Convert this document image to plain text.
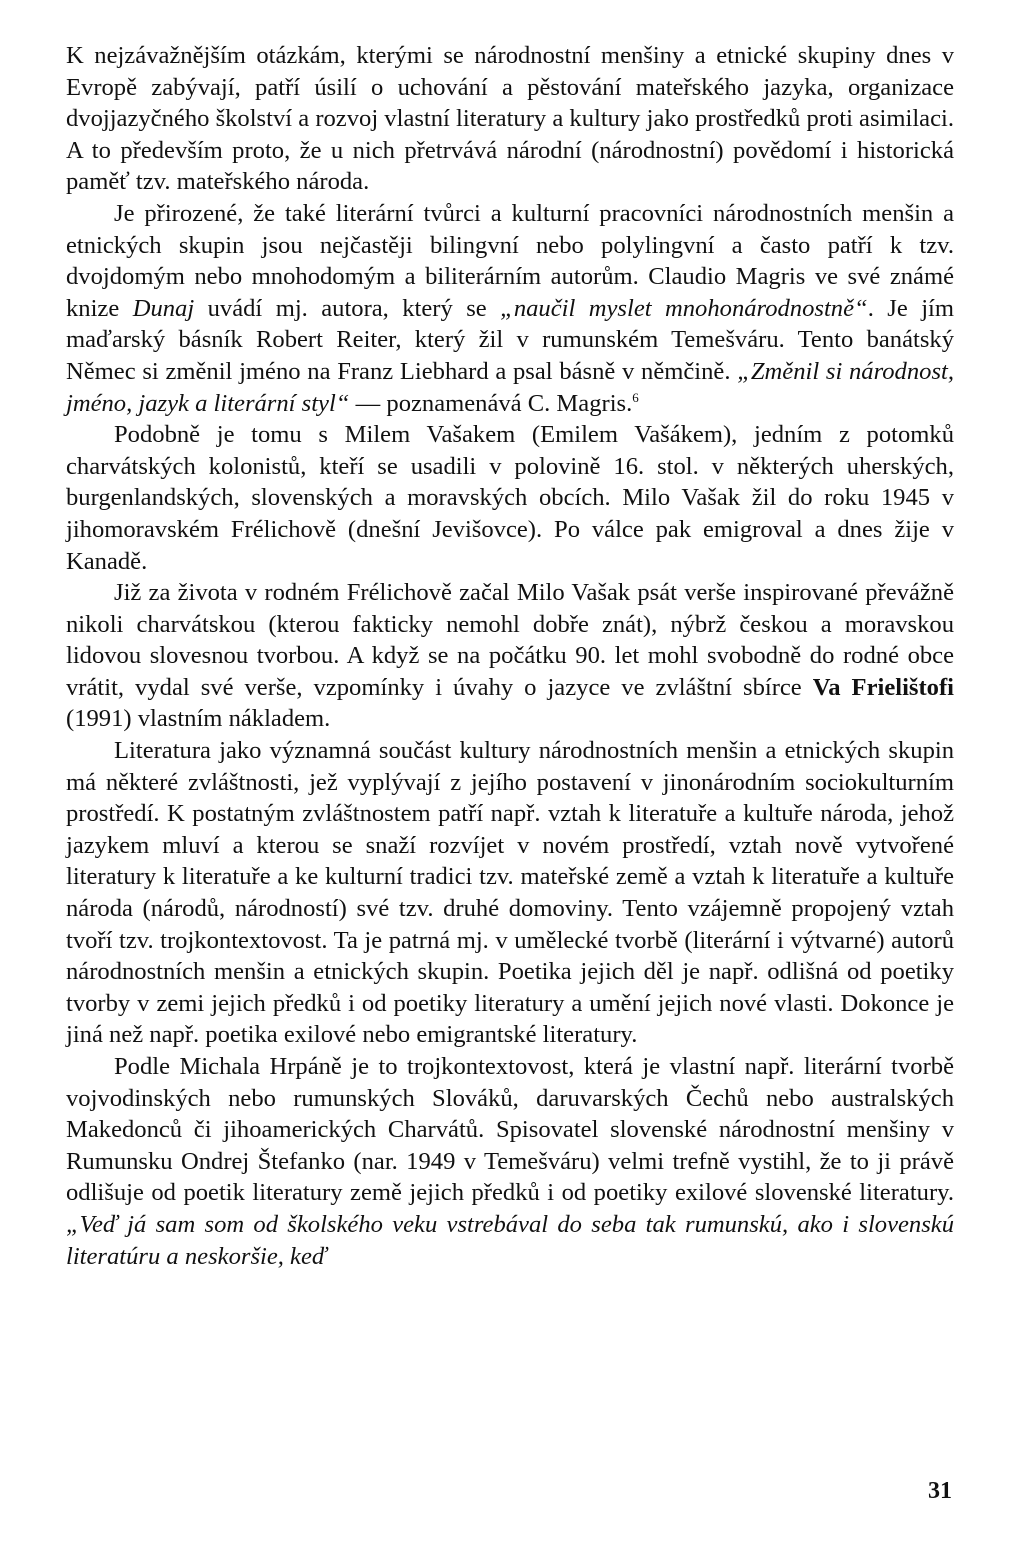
K nejzávažnějším otázkám, kterými se národnostní menšiny a etnické skupiny dnes v Evropě zabývají, patří úsilí o uchování a pěstování mateřského jazyka, organizace dvojjazyčného školství a rozvoj vlastní literatury a kultury jako prostředků proti asimilaci. A to především proto, že u nich přetrvává národní (národnostní) povědomí i historická paměť tzv. mateřského národa.

Je přirozené, že také literární tvůrci a kulturní pracovníci národnostních menšin a etnických skupin jsou nejčastěji bilingvní nebo polylingvní a často patří k tzv. dvojdomým nebo mnohodomým a biliterárním autorům. Claudio Magris ve své známé knize Dunaj uvádí mj. autora, který se „naučil myslet mnohonárodnostně“. Je jím maďarský básník Robert Reiter, který žil v rumunském Temešváru. Tento banátský Němec si změnil jméno na Franz Liebhard a psal básně v němčině. „Změnil si národnost, jméno, jazyk a literární styl“ — poznamenává C. Magris.$^6$

Podobně je tomu s Milem Vašakem (Emilem Vašákem), jedním z potomků charvátských kolonistů, kteří se usadili v polovině 16. stol. v některých uherských, burgenlandských, slovenských a moravských obcích. Milo Vašak žil do roku 1945 v jihomoravském Frélichově (dnešní Jevišovce). Po válce pak emigroval a dnes žije v Kanadě.

Již za života v rodném Frélichově začal Milo Vašak psát verše inspirované převážně nikoli charvátskou (kterou fakticky nemohl dobře znát), nýbrž českou a moravskou lidovou slovesnou tvorbou. A když se na počátku 90. let mohl svobodně do rodné obce vrátit, vydal své verše, vzpomínky i úvahy o jazyce ve zvláštní sbírce Va Frielištofi (1991) vlastním nákladem.

Literatura jako významná součást kultury národnostních menšin a etnických skupin má některé zvláštnosti, jež vyplývají z jejího postavení v jinonárodním sociokulturním prostředí. K postatným zvláštnostem patří např. vztah k literatuře a kultuře národa, jehož jazykem mluví a kterou se snaží rozvíjet v novém prostředí, vztah nově vytvořené literatury k literatuře a ke kulturní tradici tzv. mateřské země a vztah k literatuře a kultuře národa (národů, národností) své tzv. druhé domoviny. Tento vzájemně propojený vztah tvoří tzv. trojkontextovost. Ta je patrná mj. v umělecké tvorbě (literární i výtvarné) autorů národnostních menšin a etnických skupin. Poetika jejich děl je např. odlišná od poetiky tvorby v zemi jejich předků i od poetiky literatury a umění jejich nové vlasti. Dokonce je jiná než např. poetika exilové nebo emigrantské literatury.

Podle Michala Hrpáně je to trojkontextovost, která je vlastní např. literární tvorbě vojvodinských nebo rumunských Slováků, daruvarských Čechů nebo australských Makedonců či jihoamerických Charvátů. Spisovatel slovenské národnostní menšiny v Rumunsku Ondrej Štefanko (nar. 1949 v Temešváru) velmi trefně vystihl, že to ji právě odlišuje od poetik literatury země jejich předků i od poetiky exilové slovenské literatury. „Veď já sam som od školského veku vstrebával do seba tak rumunskú, ako i slovenskú literatúru a neskoršie, keď

31
